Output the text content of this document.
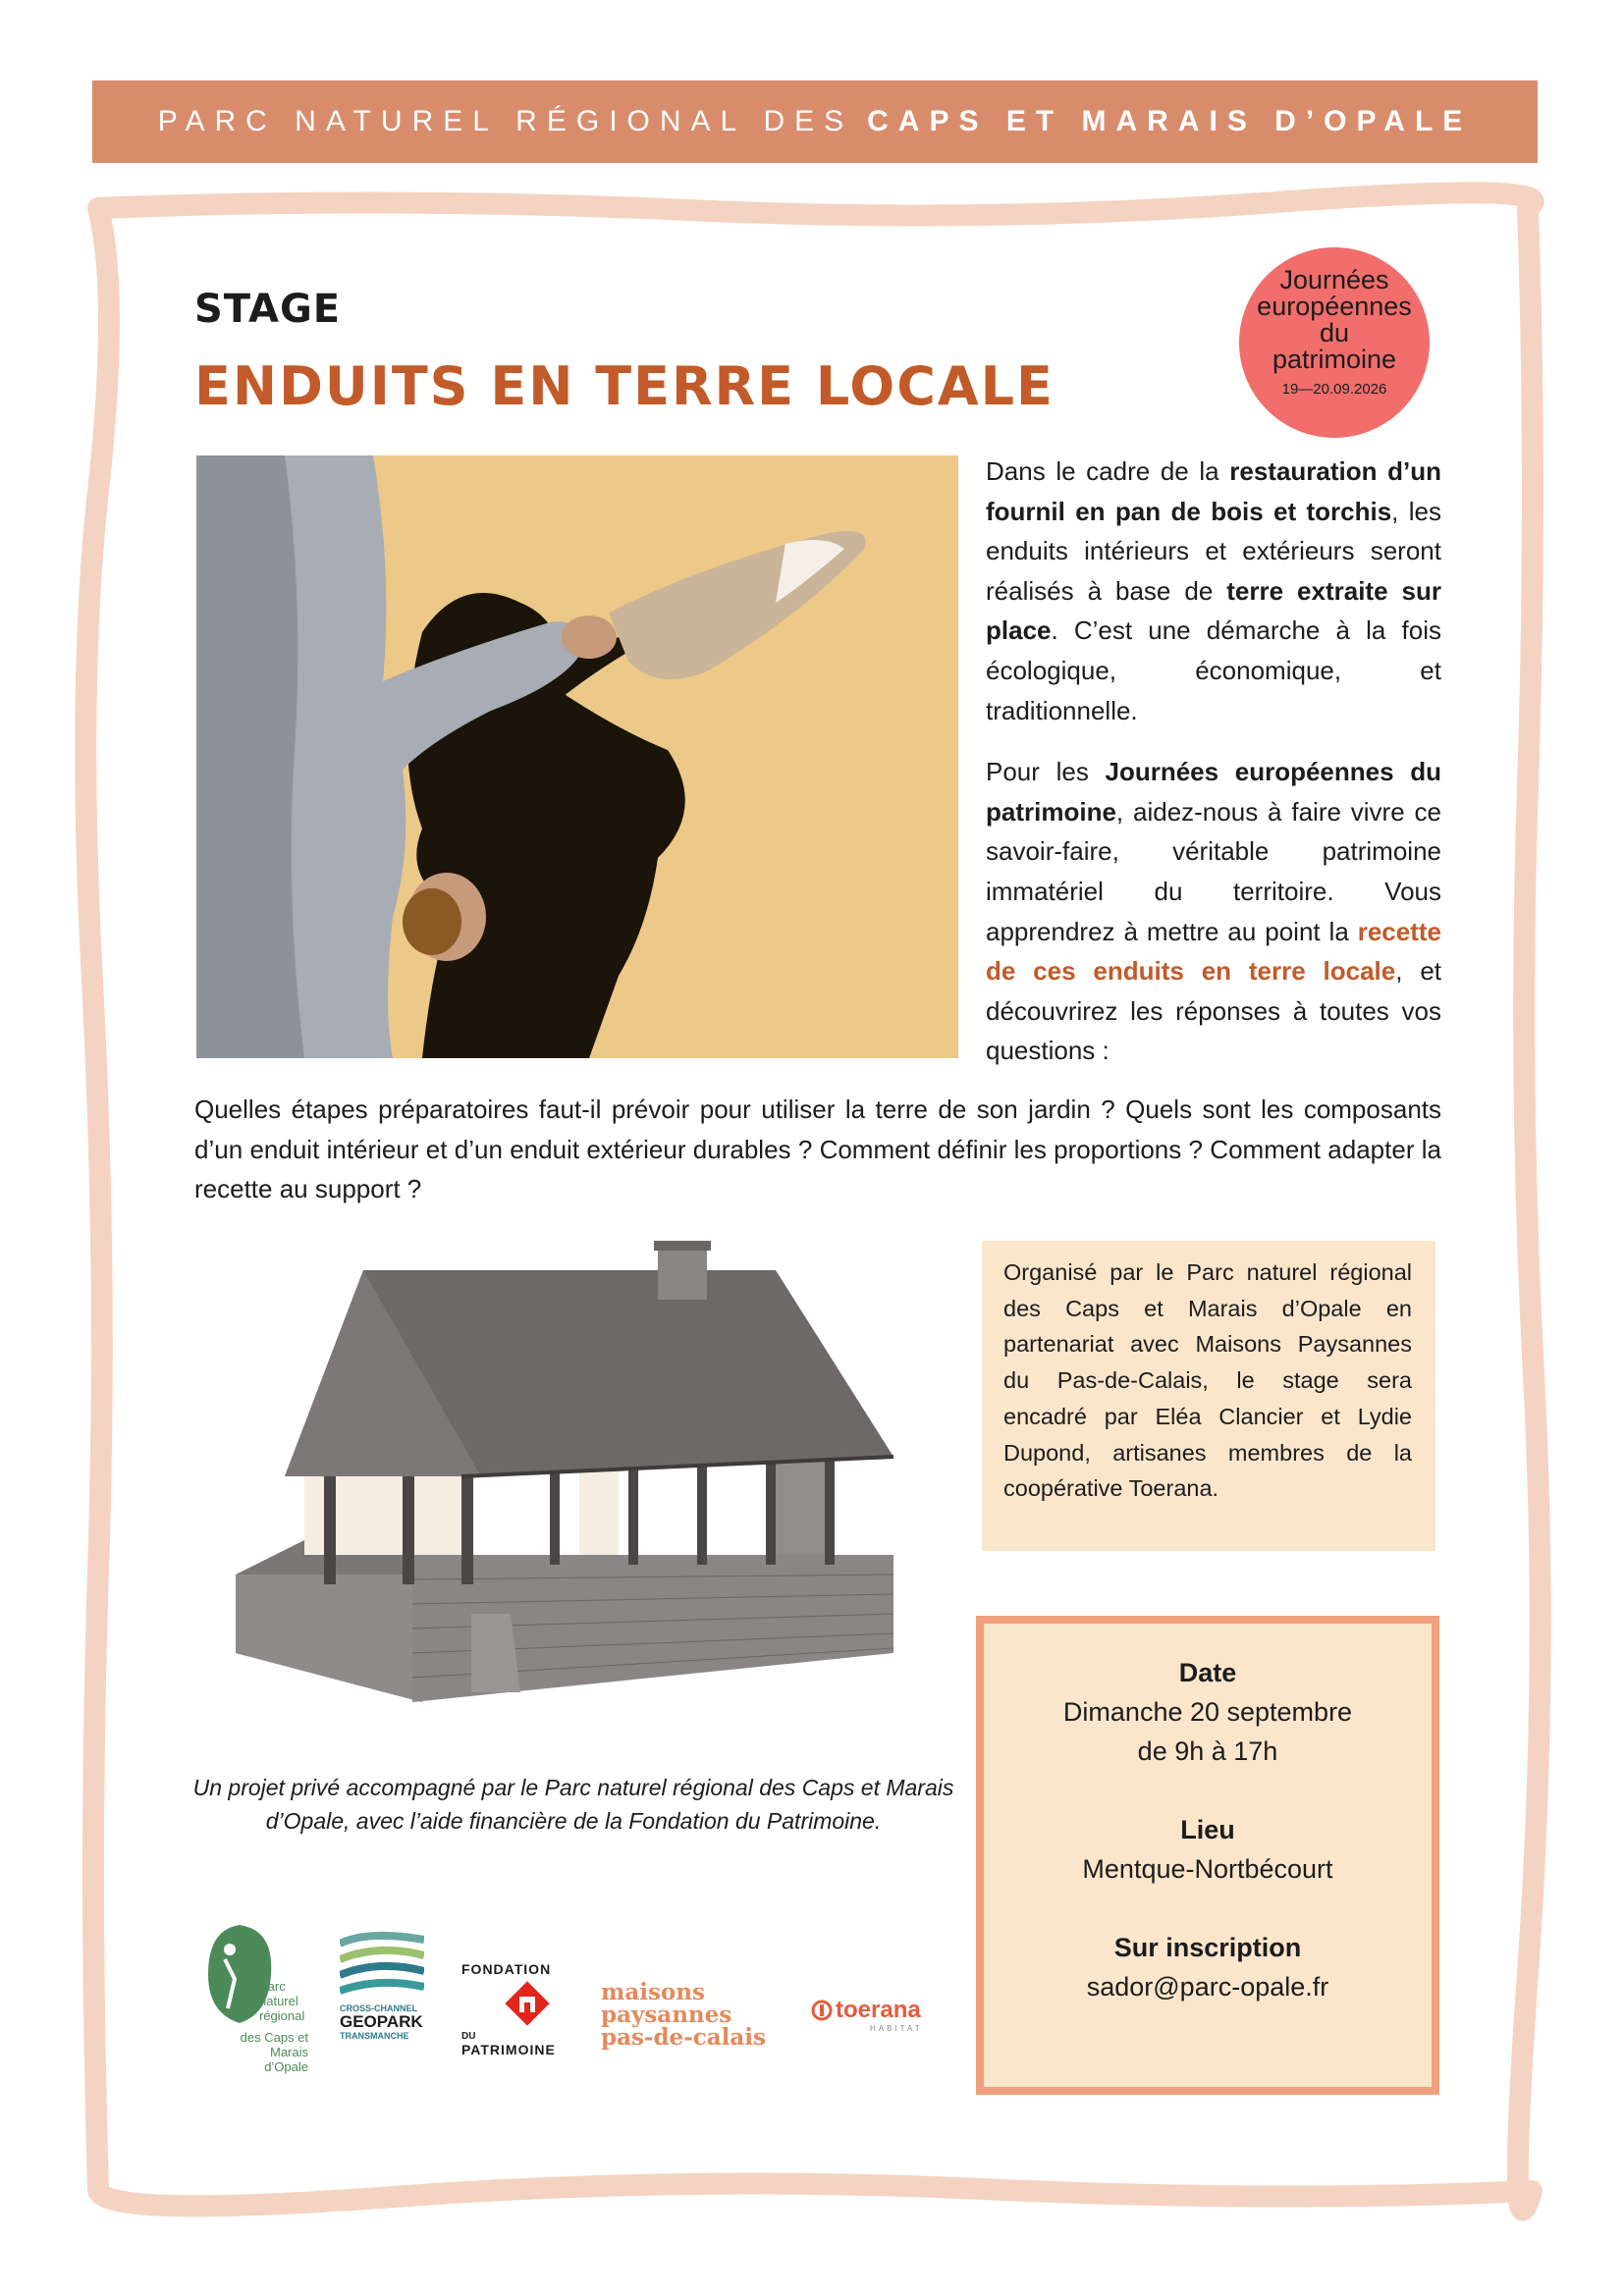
PARC NATUREL RÉGIONAL DES CAPS ET MARAIS D’OPALE
STAGE
ENDUITS EN TERRE LOCALE
Journées
européennes
du
patrimoine
19—20.09.2026

Dans le cadre de la restauration d’un fournil en pan de bois et torchis, les enduits intérieurs et extérieurs seront réalisés à base de terre extraite sur place. C’est une démarche à la fois écologique, économique, et traditionnelle.

Pour les Journées européennes du patrimoine, aidez-nous à faire vivre ce savoir-faire, véritable patrimoine immatériel du territoire. Vous apprendrez à mettre au point la recette de ces enduits en terre locale, et découvrirez les réponses à toutes vos questions :

Quelles étapes préparatoires faut-il prévoir pour utiliser la terre de son jardin ? Quels sont les composants d’un enduit intérieur et d’un enduit extérieur durables ? Comment définir les proportions ? Comment adapter la recette au support ?

Organisé par le Parc naturel régional des Caps et Marais d’Opale en partenariat avec Maisons Paysannes du Pas-de-Calais, le stage sera encadré par Eléa Clancier et Lydie Dupond, artisanes membres de la coopérative Toerana.
Date
Dimanche 20 septembre
de 9h à 17h
Lieu
Mentque-Nortbécourt
Sur inscription
sador@parc-opale.fr
Un projet privé accompagné par le Parc naturel régional des Caps et Marais d’Opale, avec l’aide financière de la Fondation du Patrimoine.
Parc
naturel
régional
des Caps et
Marais d’Opale
CROSS-CHANNEL
GEOPARK
TRANSMANCHE
FONDATION
DU
PATRIMOINE
maisons
paysannes
pas-de-calais
toerana
HABITAT
